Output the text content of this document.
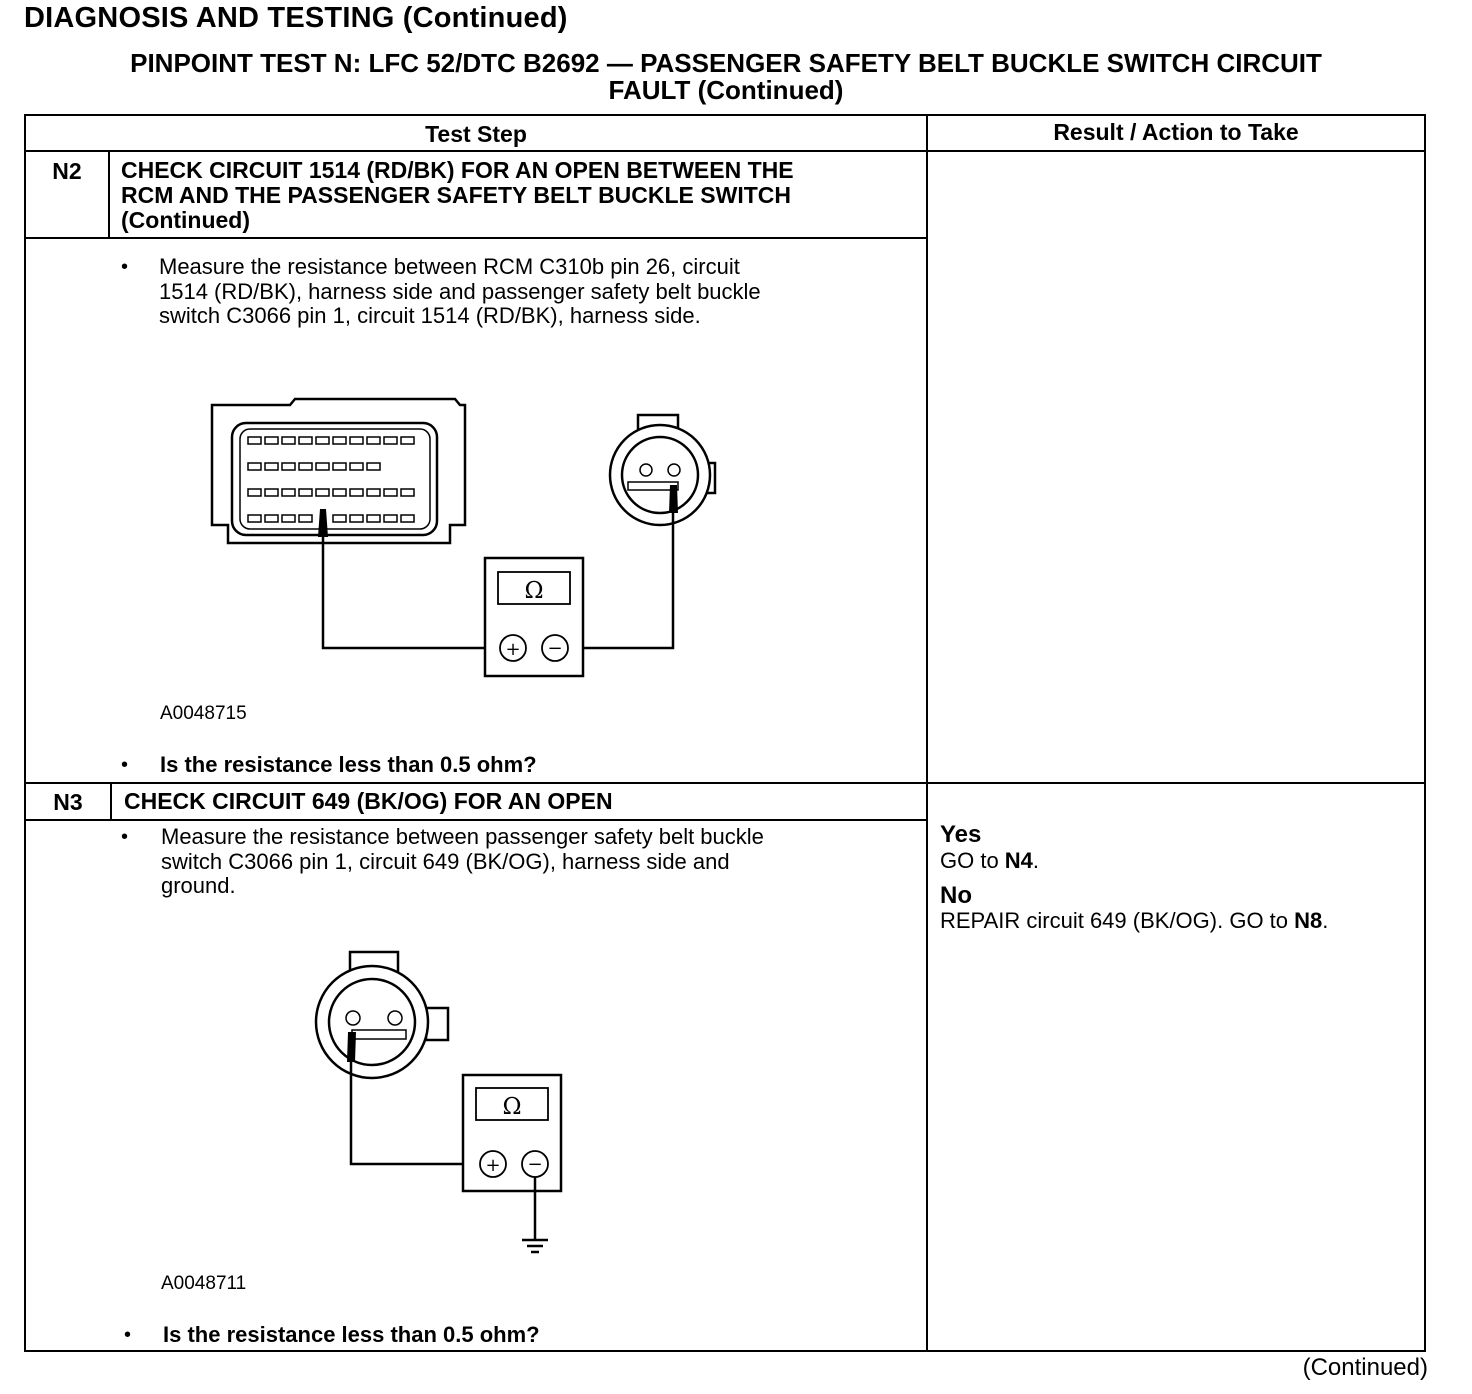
DIAGNOSIS AND TESTING (Continued)
PINPOINT TEST N: LFC 52/DTC B2692 — PASSENGER SAFETY BELT BUCKLE SWITCH CIRCUIT
FAULT (Continued)
Test Step	Result / Action to Take
N2	CHECK CIRCUIT 1514 (RD/BK) FOR AN OPEN BETWEEN THE
RCM AND THE PASSENGER SAFETY BELT BUCKLE SWITCH
(Continued)
• Measure the resistance between RCM C310b pin 26, circuit
1514 (RD/BK), harness side and passenger safety belt buckle
switch C3066 pin 1, circuit 1514 (RD/BK), harness side.
A0048715
• Is the resistance less than 0.5 ohm?
N3	CHECK CIRCUIT 649 (BK/OG) FOR AN OPEN
• Measure the resistance between passenger safety belt buckle
switch C3066 pin 1, circuit 649 (BK/OG), harness side and
ground.
A0048711
• Is the resistance less than 0.5 ohm?
Yes
GO to N4.
No
REPAIR circuit 649 (BK/OG). GO to N8.
Ω
+ −
Ω
+ −
(Continued)
